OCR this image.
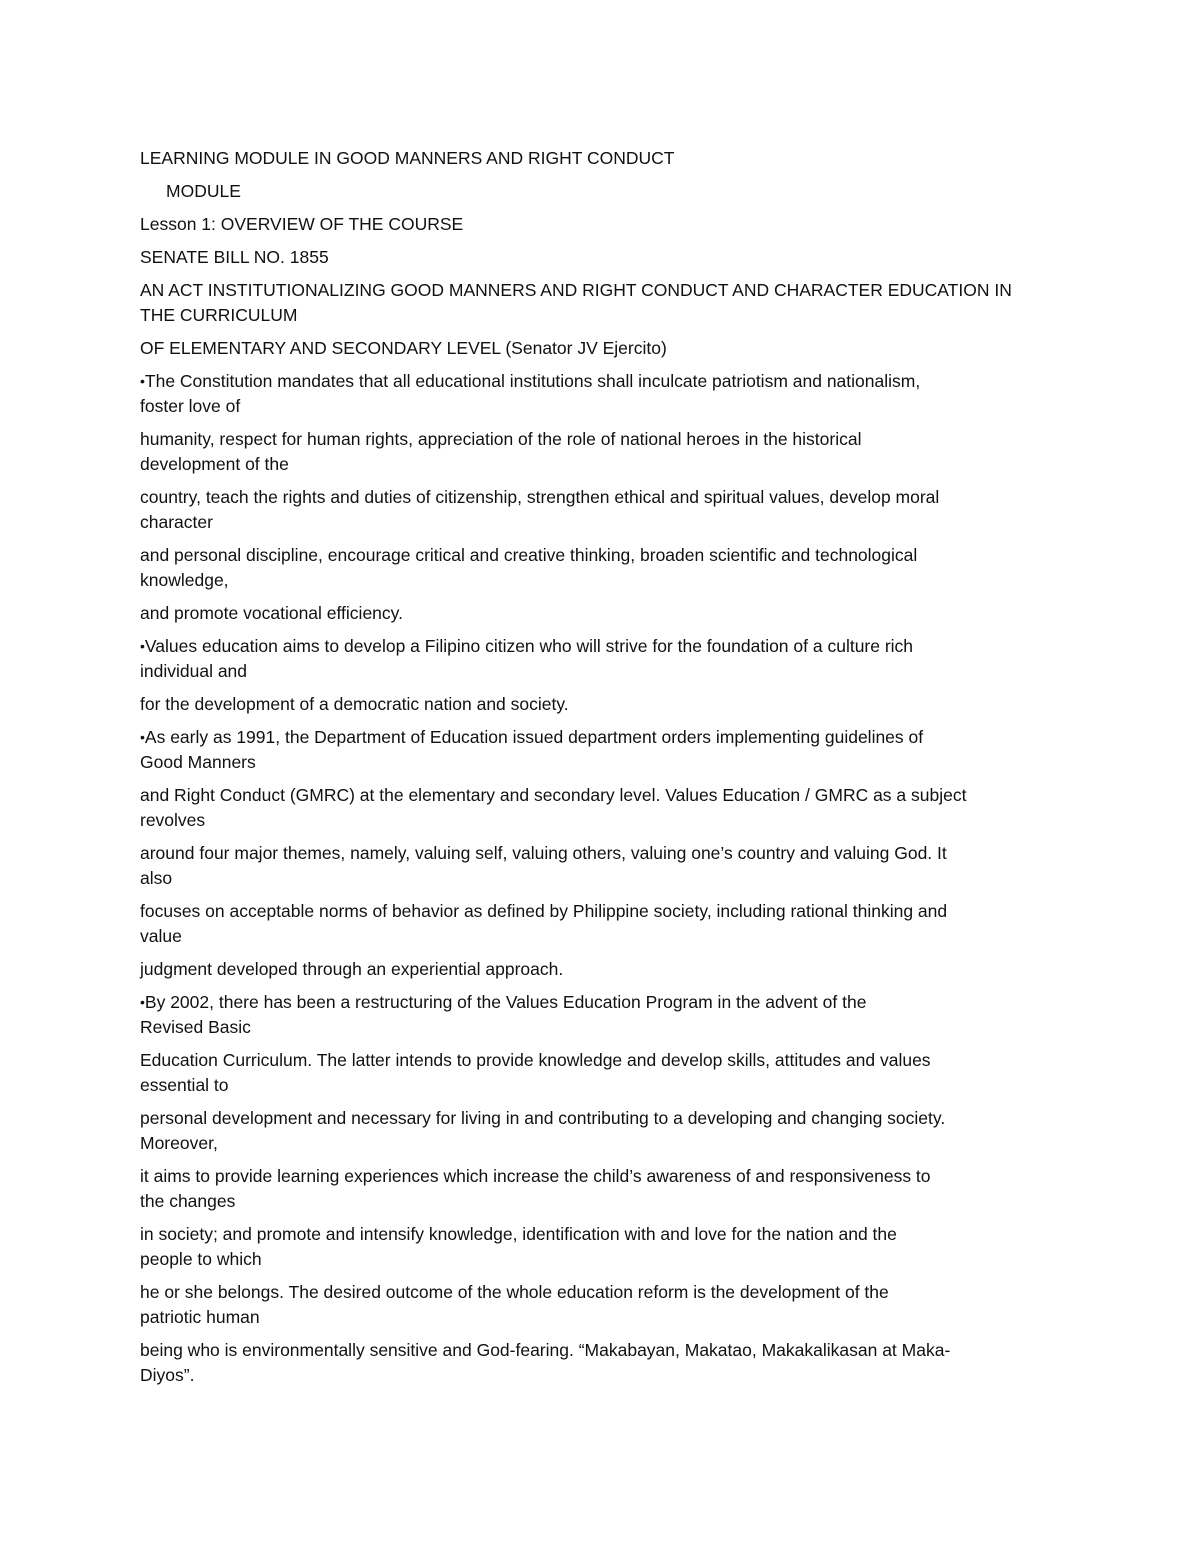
LEARNING MODULE IN GOOD MANNERS AND RIGHT CONDUCT

MODULE

Lesson 1: OVERVIEW OF THE COURSE

SENATE BILL NO. 1855

AN ACT INSTITUTIONALIZING GOOD MANNERS AND RIGHT CONDUCT AND CHARACTER EDUCATION IN
THE CURRICULUM

OF ELEMENTARY AND SECONDARY LEVEL (Senator JV Ejercito)

•The Constitution mandates that all educational institutions shall inculcate patriotism and nationalism,
foster love of

humanity, respect for human rights, appreciation of the role of national heroes in the historical
development of the

country, teach the rights and duties of citizenship, strengthen ethical and spiritual values, develop moral
character

and personal discipline, encourage critical and creative thinking, broaden scientific and technological
knowledge,

and promote vocational efficiency.

•Values education aims to develop a Filipino citizen who will strive for the foundation of a culture rich
individual and

for the development of a democratic nation and society.

•As early as 1991, the Department of Education issued department orders implementing guidelines of
Good Manners

and Right Conduct (GMRC) at the elementary and secondary level. Values Education / GMRC as a subject
revolves

around four major themes, namely, valuing self, valuing others, valuing one’s country and valuing God. It
also

focuses on acceptable norms of behavior as defined by Philippine society, including rational thinking and
value

judgment developed through an experiential approach.

•By 2002, there has been a restructuring of the Values Education Program in the advent of the
Revised Basic

Education Curriculum. The latter intends to provide knowledge and develop skills, attitudes and values
essential to

personal development and necessary for living in and contributing to a developing and changing society.
Moreover,

it aims to provide learning experiences which increase the child’s awareness of and responsiveness to
the changes

in society; and promote and intensify knowledge, identification with and love for the nation and the
people to which

he or she belongs. The desired outcome of the whole education reform is the development of the
patriotic human

being who is environmentally sensitive and God-fearing. “Makabayan, Makatao, Makakalikasan at Maka-
Diyos”.
